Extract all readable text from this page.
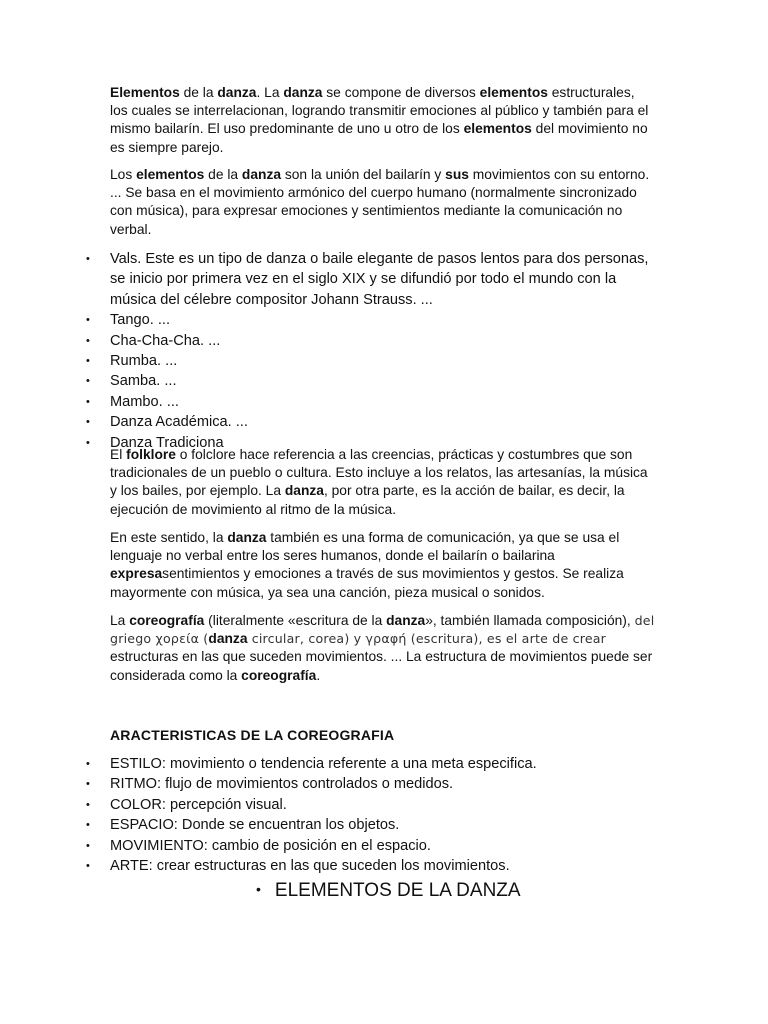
Elementos de la danza. La danza se compone de diversos elementos estructurales, los cuales se interrelacionan, logrando transmitir emociones al público y también para el mismo bailarín. El uso predominante de uno u otro de los elementos del movimiento no es siempre parejo.

Los elementos de la danza son la unión del bailarín y sus movimientos con su entorno. ... Se basa en el movimiento armónico del cuerpo humano (normalmente sincronizado con música), para expresar emociones y sentimientos mediante la comunicación no verbal.

• Vals. Este es un tipo de danza o baile elegante de pasos lentos para dos personas, se inicio por primera vez en el siglo XIX y se difundió por todo el mundo con la música del célebre compositor Johann Strauss. ...
• Tango. ...
• Cha-Cha-Cha. ...
• Rumba. ...
• Samba. ...
• Mambo. ...
• Danza Académica. ...
• Danza Tradiciona

El folklore o folclore hace referencia a las creencias, prácticas y costumbres que son tradicionales de un pueblo o cultura. Esto incluye a los relatos, las artesanías, la música y los bailes, por ejemplo. La danza, por otra parte, es la acción de bailar, es decir, la ejecución de movimiento al ritmo de la música.

En este sentido, la danza también es una forma de comunicación, ya que se usa el lenguaje no verbal entre los seres humanos, donde el bailarín o bailarina expresasentimientos y emociones a través de sus movimientos y gestos. Se realiza mayormente con música, ya sea una canción, pieza musical o sonidos.

La coreografía (literalmente «escritura de la danza», también llamada composición), del griego χορεία (danza circular, corea) y γραφή (escritura), es el arte de crear estructuras en las que suceden movimientos. ... La estructura de movimientos puede ser considerada como la coreografía.

ARACTERISTICAS DE LA COREOGRAFIA

• ESTILO: movimiento o tendencia referente a una meta especifica.
• RITMO: flujo de movimientos controlados o medidos.
• COLOR: percepción visual.
• ESPACIO: Donde se encuentran los objetos.
• MOVIMIENTO: cambio de posición en el espacio.
• ARTE: crear estructuras en las que suceden los movimientos.

• ELEMENTOS DE LA DANZA
